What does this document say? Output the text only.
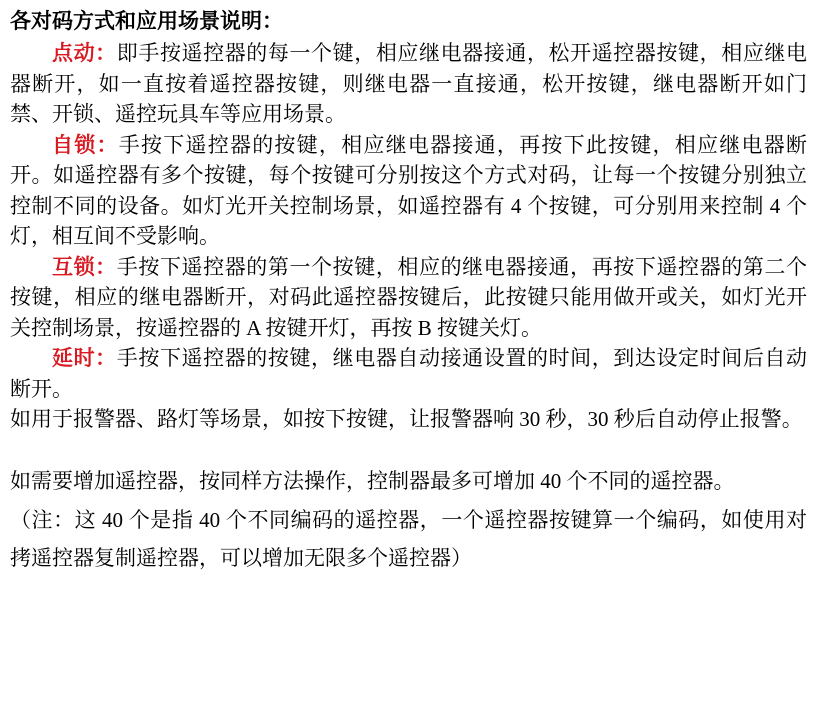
各对码方式和应用场景说明：

点动：即手按遥控器的每一个键，相应继电器接通，松开遥控器按键，相应继电器断开，如一直按着遥控器按键，则继电器一直接通，松开按键，继电器断开如门禁、开锁、遥控玩具车等应用场景。

自锁：手按下遥控器的按键，相应继电器接通，再按下此按键，相应继电器断开。如遥控器有多个按键，每个按键可分别按这个方式对码，让每一个按键分别独立控制不同的设备。如灯光开关控制场景，如遥控器有 4 个按键，可分别用来控制 4 个灯，相互间不受影响。

互锁：手按下遥控器的第一个按键，相应的继电器接通，再按下遥控器的第二个按键，相应的继电器断开，对码此遥控器按键后，此按键只能用做开或关，如灯光开关控制场景，按遥控器的 A 按键开灯，再按 B 按键关灯。

延时：手按下遥控器的按键，继电器自动接通设置的时间，到达设定时间后自动断开。

如用于报警器、路灯等场景，如按下按键，让报警器响 30 秒，30 秒后自动停止报警。

如需要增加遥控器，按同样方法操作，控制器最多可增加 40 个不同的遥控器。

（注：这 40 个是指 40 个不同编码的遥控器，一个遥控器按键算一个编码，如使用对拷遥控器复制遥控器，可以增加无限多个遥控器）
